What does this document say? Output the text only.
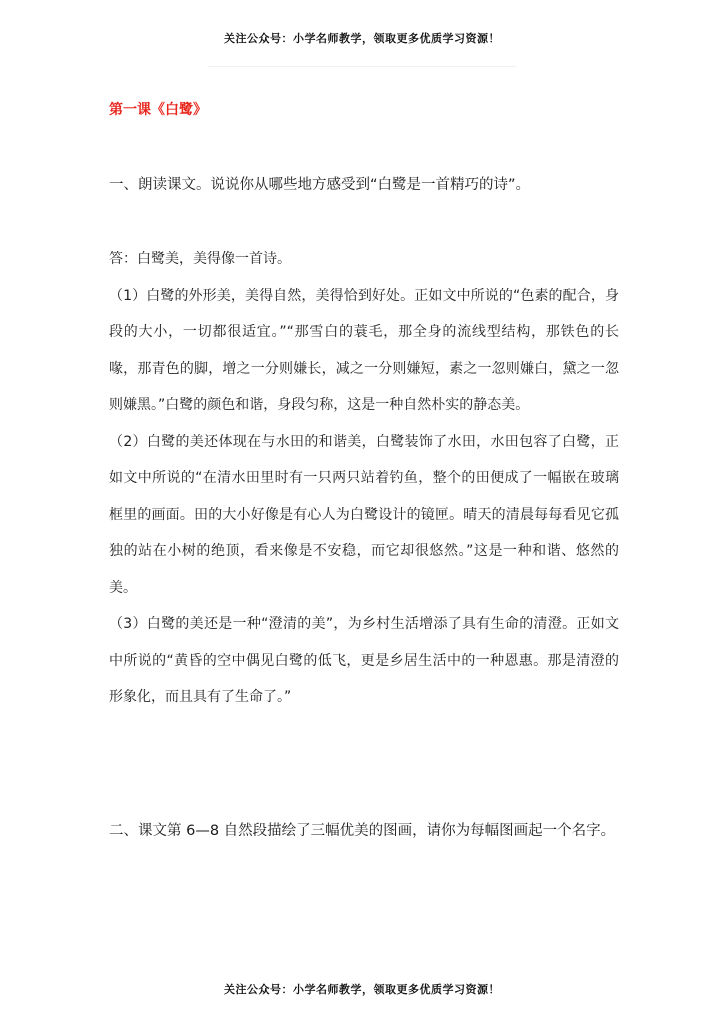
关注公众号：小学名师教学，领取更多优质学习资源！
第一课《白鹭》
一、朗读课文。说说你从哪些地方感受到“白鹭是一首精巧的诗”。

答：白鹭美，美得像一首诗。

（1）白鹭的外形美，美得自然，美得恰到好处。正如文中所说的“色素的配合，身段的大小，一切都很适宜。”“那雪白的蓑毛，那全身的流线型结构，那铁色的长喙，那青色的脚，增之一分则嫌长，减之一分则嫌短，素之一忽则嫌白，黛之一忽则嫌黑。”白鹭的颜色和谐，身段匀称，这是一种自然朴实的静态美。

（2）白鹭的美还体现在与水田的和谐美，白鹭装饰了水田，水田包容了白鹭，正如文中所说的“在清水田里时有一只两只站着钓鱼，整个的田便成了一幅嵌在玻璃框里的画面。田的大小好像是有心人为白鹭设计的镜匣。晴天的清晨每每看见它孤独的站在小树的绝顶，看来像是不安稳，而它却很悠然。”这是一种和谐、悠然的美。

（3）白鹭的美还是一种“澄清的美”，为乡村生活增添了具有生命的清澄。正如文中所说的“黄昏的空中偶见白鹭的低飞，更是乡居生活中的一种恩惠。那是清澄的形象化，而且具有了生命了。”

二、课文第 6—8 自然段描绘了三幅优美的图画，请你为每幅图画起一个名字。
关注公众号：小学名师教学，领取更多优质学习资源！
